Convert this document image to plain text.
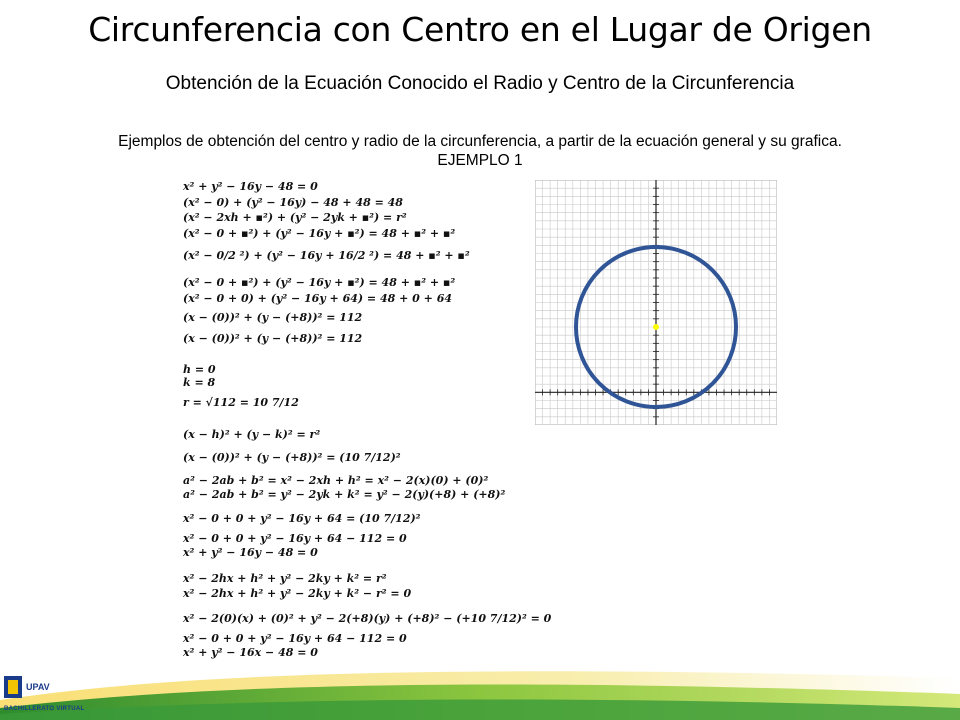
Circunferencia con Centro en el Lugar de Origen
Obtención de la Ecuación Conocido el Radio y Centro de la Circunferencia
Ejemplos de obtención del centro y radio de la circunferencia, a partir de la ecuación general y su grafica.
EJEMPLO 1
x² + y² − 16y − 48 = 0
(x² − 0) + (y² − 16y) − 48 + 48 = 48
(x² − 2xh + ▪²) + (y² − 2yk + ▪²) = r²
(x² − 0 + ▪²) + (y² − 16y + ▪²) = 48 + ▪² + ▪²
(x² − 0/2 ²) + (y² − 16y + 16/2 ²) = 48 + ▪² + ▪²
(x² − 0 + ▪²) + (y² − 16y + ▪²) = 48 + ▪² + ▪²
(x² − 0 + 0) + (y² − 16y + 64) = 48 + 0 + 64
(x − (0))² + (y − (+8))² = 112
(x − (0))² + (y − (+8))² = 112
h = 0
k = 8
r = √112 = 10 7/12
(x − h)² + (y − k)² = r²
(x − (0))² + (y − (+8))² = (10 7/12)²
a² − 2ab + b² = x² − 2xh + h² = x² − 2(x)(0) + (0)²
a² − 2ab + b² = y² − 2yk + k² = y² − 2(y)(+8) + (+8)²
x² − 0 + 0 + y² − 16y + 64 = (10 7/12)²
x² − 0 + 0 + y² − 16y + 64 − 112 = 0
x² + y² − 16y − 48 = 0
x² − 2hx + h² + y² − 2ky + k² = r²
x² − 2hx + h² + y² − 2ky + k² − r² = 0
x² − 2(0)(x) + (0)² + y² − 2(+8)(y) + (+8)² − (+10 7/12)² = 0
x² − 0 + 0 + y² − 16y + 64 − 112 = 0
x² + y² − 16x − 48 = 0
UPAV
BACHILLERATO VIRTUAL
